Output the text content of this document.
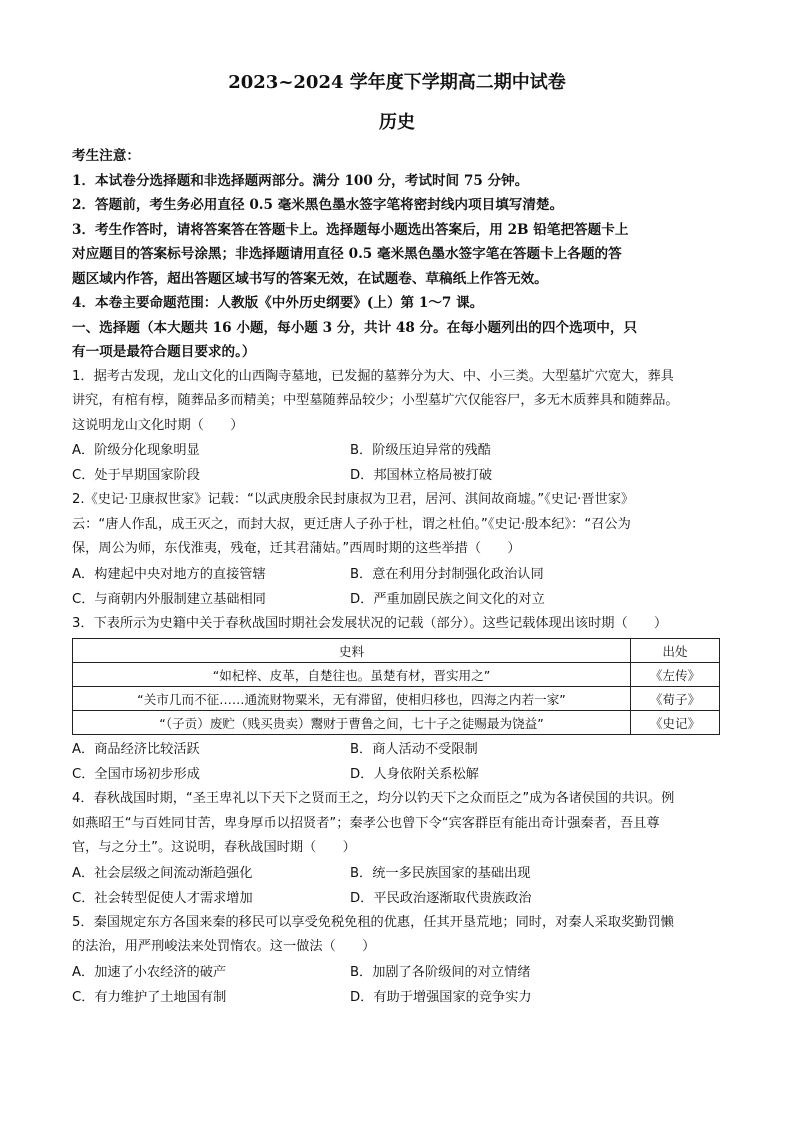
2023~2024 学年度下学期高二期中试卷
历史
考生注意：
1．本试卷分选择题和非选择题两部分。满分 100 分，考试时间 75 分钟。
2．答题前，考生务必用直径 0.5 毫米黑色墨水签字笔将密封线内项目填写清楚。
3．考生作答时，请将答案答在答题卡上。选择题每小题选出答案后，用 2B 铅笔把答题卡上
对应题目的答案标号涂黑；非选择题请用直径 0.5 毫米黑色墨水签字笔在答题卡上各题的答
题区域内作答，超出答题区域书写的答案无效，在试题卷、草稿纸上作答无效。
4．本卷主要命题范围：人教版《中外历史纲要》(上）第 1～7 课。
一、选择题（本大题共 16 小题，每小题 3 分，共计 48 分。在每小题列出的四个选项中，只
有一项是最符合题目要求的。）
1．据考古发现，龙山文化的山西陶寺墓地，已发掘的墓葬分为大、中、小三类。大型墓圹穴宽大，葬具
讲究，有棺有椁，随葬品多而精美；中型墓随葬品较少；小型墓圹穴仅能容尸，多无木质葬具和随葬品。
这说明龙山文化时期（　　）
A．阶级分化现象明显	B．阶级压迫异常的残酷
C．处于早期国家阶段	D．邦国林立格局被打破
2.《史记·卫康叔世家》记载：“以武庚殷余民封康叔为卫君，居河、淇间故商墟。”《史记·晋世家》
云：“唐人作乱，成王灭之，而封大叔，更迁唐人子孙于杜，谓之杜伯。”《史记·殷本纪》：“召公为
保，周公为师，东伐淮夷，残奄，迁其君蒲姑。”西周时期的这些举措（　　）
A．构建起中央对地方的直接管辖	B．意在利用分封制强化政治认同
C．与商朝内外服制建立基础相同	D．严重加剧民族之间文化的对立
3．下表所示为史籍中关于春秋战国时期社会发展状况的记载（部分）。这些记载体现出该时期（　　）
史料	出处
“如杞梓、皮革，自楚往也。虽楚有材，晋实用之”	《左传》
“关市几而不征……通流财物粟米，无有滞留，使相归移也，四海之内若一家”	《荀子》
“（子贡）废贮（贱买贵卖）鬻财于曹鲁之间，七十子之徒赐最为饶益”	《史记》
A．商品经济比较活跃	B．商人活动不受限制
C．全国市场初步形成	D．人身依附关系松解
4．春秋战国时期，“圣王卑礼以下天下之贤而王之，均分以钓天下之众而臣之”成为各诸侯国的共识。例
如燕昭王“与百姓同甘苦，卑身厚币以招贤者”；秦孝公也曾下令“宾客群臣有能出奇计强秦者，吾且尊
官，与之分土”。这说明，春秋战国时期（　　）
A．社会层级之间流动渐趋强化	B．统一多民族国家的基础出现
C．社会转型促使人才需求增加	D．平民政治逐渐取代贵族政治
5．秦国规定东方各国来秦的移民可以享受免税免租的优惠，任其开垦荒地；同时，对秦人采取奖勤罚懒
的法治，用严刑峻法来处罚惰农。这一做法（　　）
A．加速了小农经济的破产	B．加剧了各阶级间的对立情绪
C．有力维护了土地国有制	D．有助于增强国家的竞争实力
